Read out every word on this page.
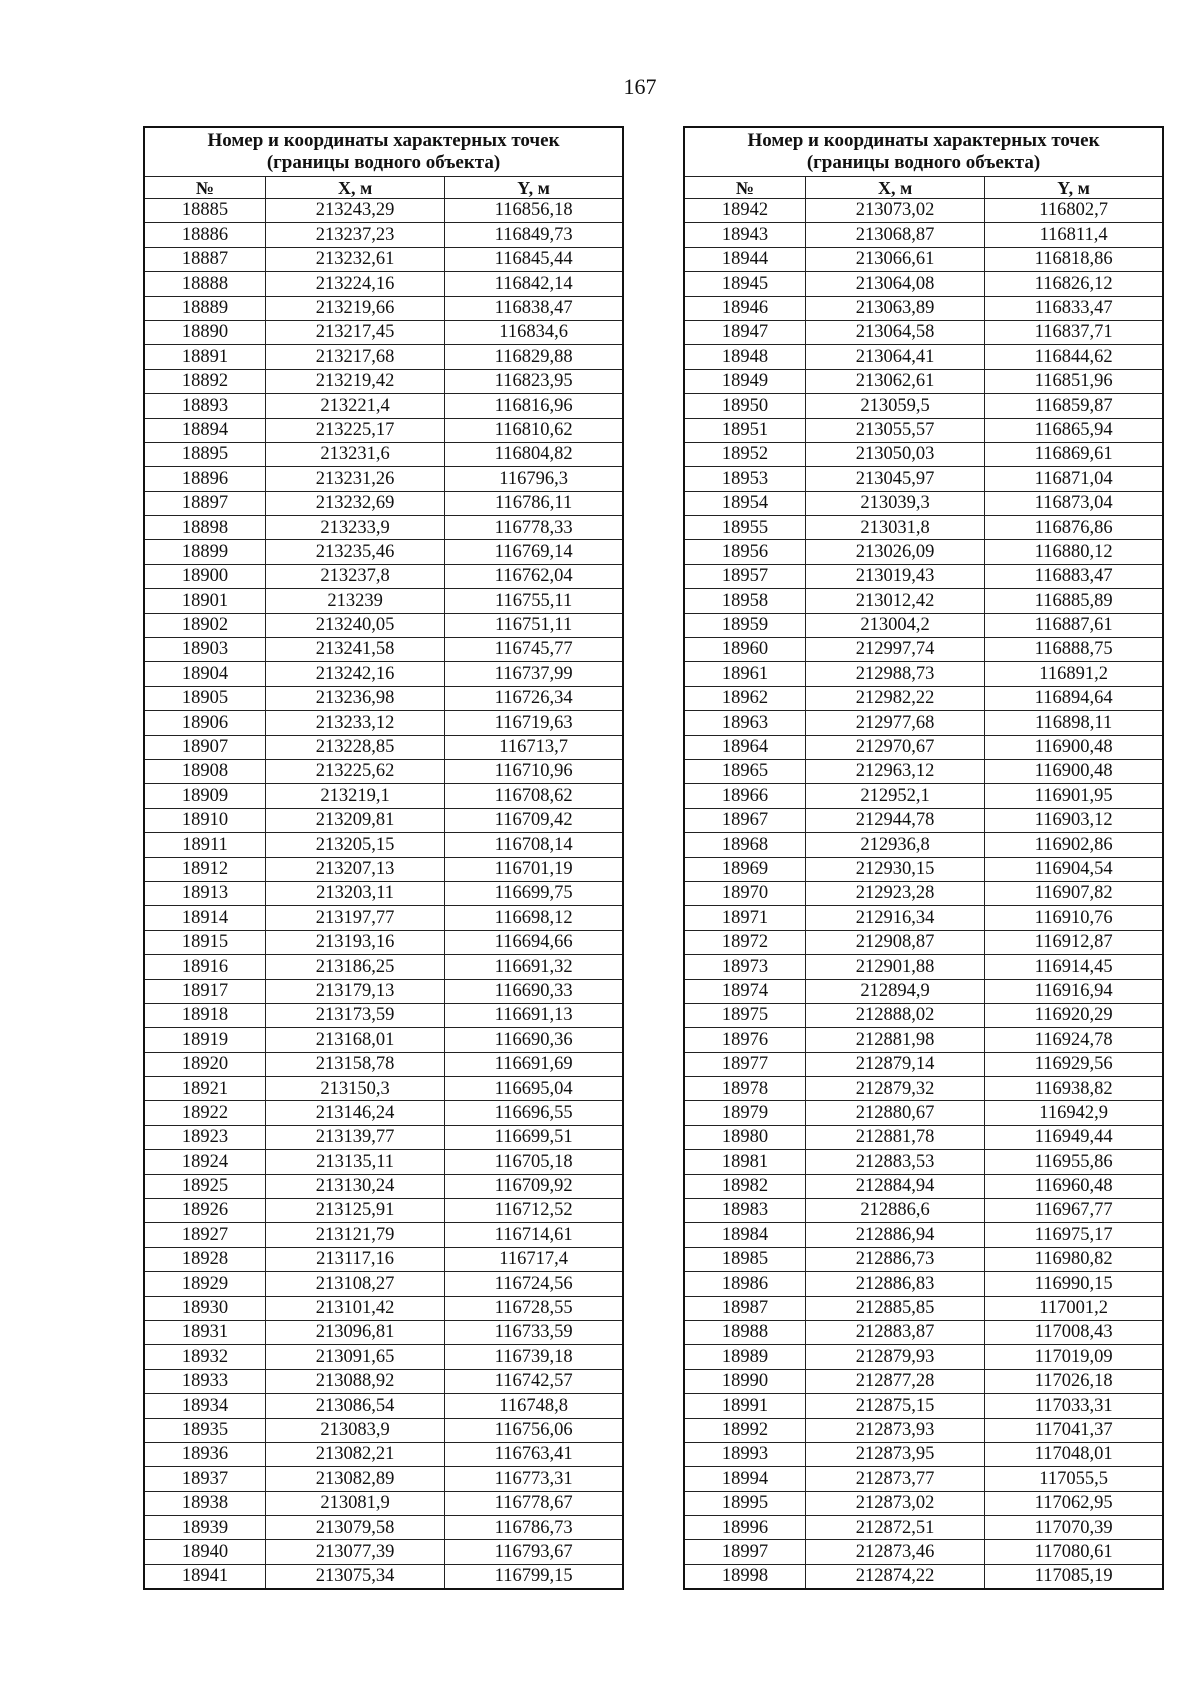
167
Номер и координаты характерных точек
(границы водного объекта)		
№	X, м	Y, м
18885	213243,29	116856,18
18886	213237,23	116849,73
18887	213232,61	116845,44
18888	213224,16	116842,14
18889	213219,66	116838,47
18890	213217,45	116834,6
18891	213217,68	116829,88
18892	213219,42	116823,95
18893	213221,4	116816,96
18894	213225,17	116810,62
18895	213231,6	116804,82
18896	213231,26	116796,3
18897	213232,69	116786,11
18898	213233,9	116778,33
18899	213235,46	116769,14
18900	213237,8	116762,04
18901	213239	116755,11
18902	213240,05	116751,11
18903	213241,58	116745,77
18904	213242,16	116737,99
18905	213236,98	116726,34
18906	213233,12	116719,63
18907	213228,85	116713,7
18908	213225,62	116710,96
18909	213219,1	116708,62
18910	213209,81	116709,42
18911	213205,15	116708,14
18912	213207,13	116701,19
18913	213203,11	116699,75
18914	213197,77	116698,12
18915	213193,16	116694,66
18916	213186,25	116691,32
18917	213179,13	116690,33
18918	213173,59	116691,13
18919	213168,01	116690,36
18920	213158,78	116691,69
18921	213150,3	116695,04
18922	213146,24	116696,55
18923	213139,77	116699,51
18924	213135,11	116705,18
18925	213130,24	116709,92
18926	213125,91	116712,52
18927	213121,79	116714,61
18928	213117,16	116717,4
18929	213108,27	116724,56
18930	213101,42	116728,55
18931	213096,81	116733,59
18932	213091,65	116739,18
18933	213088,92	116742,57
18934	213086,54	116748,8
18935	213083,9	116756,06
18936	213082,21	116763,41
18937	213082,89	116773,31
18938	213081,9	116778,67
18939	213079,58	116786,73
18940	213077,39	116793,67
18941	213075,34	116799,15
Номер и координаты характерных точек
(границы водного объекта)		
№	X, м	Y, м
18942	213073,02	116802,7
18943	213068,87	116811,4
18944	213066,61	116818,86
18945	213064,08	116826,12
18946	213063,89	116833,47
18947	213064,58	116837,71
18948	213064,41	116844,62
18949	213062,61	116851,96
18950	213059,5	116859,87
18951	213055,57	116865,94
18952	213050,03	116869,61
18953	213045,97	116871,04
18954	213039,3	116873,04
18955	213031,8	116876,86
18956	213026,09	116880,12
18957	213019,43	116883,47
18958	213012,42	116885,89
18959	213004,2	116887,61
18960	212997,74	116888,75
18961	212988,73	116891,2
18962	212982,22	116894,64
18963	212977,68	116898,11
18964	212970,67	116900,48
18965	212963,12	116900,48
18966	212952,1	116901,95
18967	212944,78	116903,12
18968	212936,8	116902,86
18969	212930,15	116904,54
18970	212923,28	116907,82
18971	212916,34	116910,76
18972	212908,87	116912,87
18973	212901,88	116914,45
18974	212894,9	116916,94
18975	212888,02	116920,29
18976	212881,98	116924,78
18977	212879,14	116929,56
18978	212879,32	116938,82
18979	212880,67	116942,9
18980	212881,78	116949,44
18981	212883,53	116955,86
18982	212884,94	116960,48
18983	212886,6	116967,77
18984	212886,94	116975,17
18985	212886,73	116980,82
18986	212886,83	116990,15
18987	212885,85	117001,2
18988	212883,87	117008,43
18989	212879,93	117019,09
18990	212877,28	117026,18
18991	212875,15	117033,31
18992	212873,93	117041,37
18993	212873,95	117048,01
18994	212873,77	117055,5
18995	212873,02	117062,95
18996	212872,51	117070,39
18997	212873,46	117080,61
18998	212874,22	117085,19
